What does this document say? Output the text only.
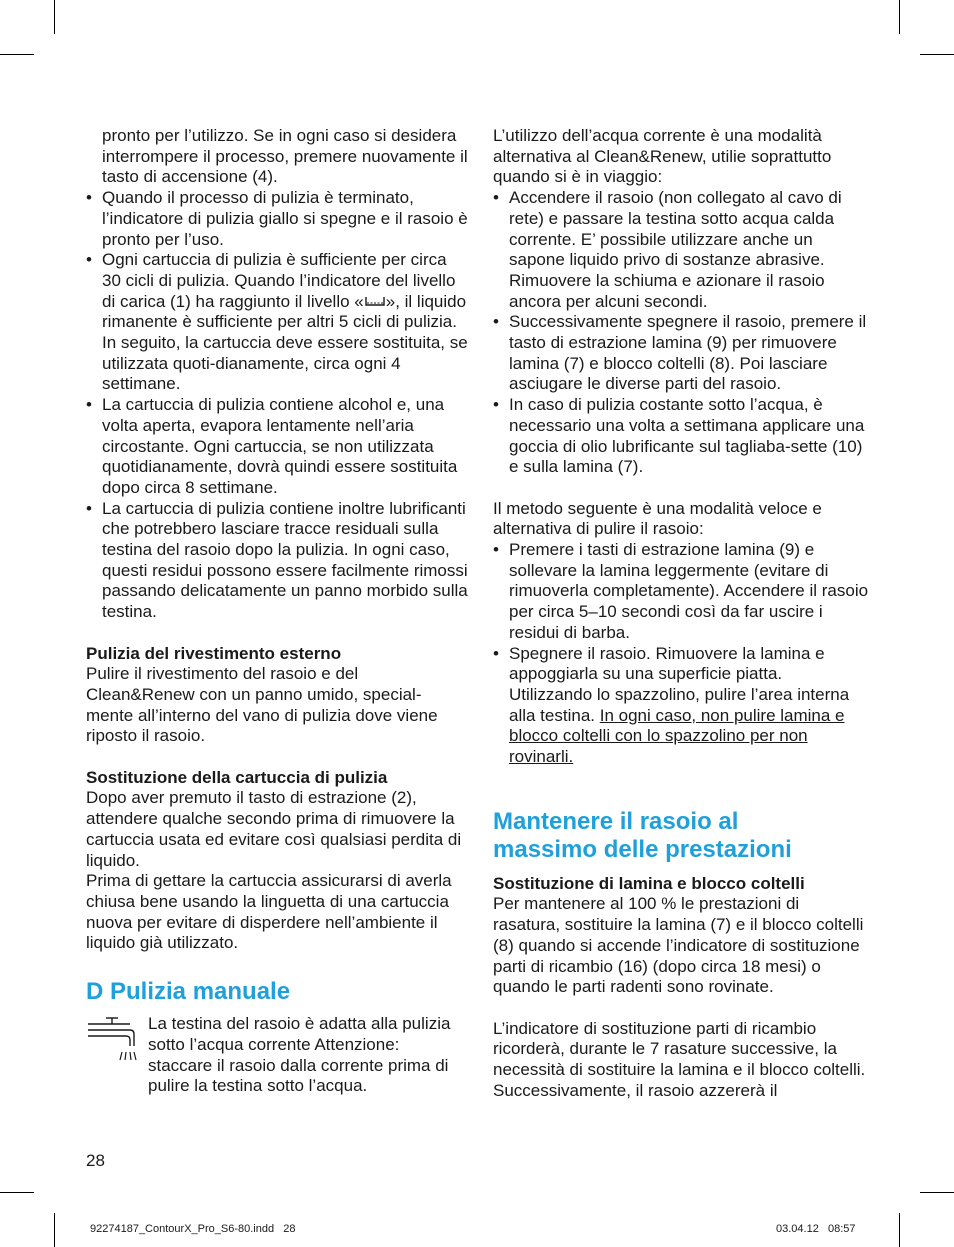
pronto per l’utilizzo. Se in ogni caso si desidera interrompere il processo, premere nuovamente il tasto di accensione (4).

• Quando il processo di pulizia è terminato, l’indicatore di pulizia giallo si spegne e il rasoio è pronto per l’uso.
• Ogni cartuccia di pulizia è sufficiente per circa 30 cicli di pulizia. Quando l’indicatore del livello di carica (1) ha raggiunto il livello « », il liquido rimanente è sufficiente per altri 5 cicli di pulizia. In seguito, la cartuccia deve essere sostituita, se utilizzata quoti-dianamente, circa ogni 4 settimane.
• La cartuccia di pulizia contiene alcohol e, una volta aperta, evapora lentamente nell’aria circostante. Ogni cartuccia, se non utilizzata quotidianamente, dovrà quindi essere sostituita dopo circa 8 settimane.
• La cartuccia di pulizia contiene inoltre lubrificanti che potrebbero lasciare tracce residuali sulla testina del rasoio dopo la pulizia. In ogni caso, questi residui possono essere facilmente rimossi passando delicatamente un panno morbido sulla testina.

Pulizia del rivestimento esterno

Pulire il rivestimento del rasoio e del Clean&Renew con un panno umido, special-mente all’interno del vano di pulizia dove viene riposto il rasoio.

Sostituzione della cartuccia di pulizia

Dopo aver premuto il tasto di estrazione (2), attendere qualche secondo prima di rimuovere la cartuccia usata ed evitare così qualsiasi perdita di liquido.

Prima di gettare la cartuccia assicurarsi di averla chiusa bene usando la linguetta di una cartuccia nuova per evitare di disperdere nell’ambiente il liquido già utilizzato.

D Pulizia manuale

La testina del rasoio è adatta alla pulizia sotto l’acqua corrente Attenzione: staccare il rasoio dalla corrente prima di pulire la testina sotto l’acqua.

L’utilizzo dell’acqua corrente è una modalità alternativa al Clean&Renew, utilie soprattutto quando si è in viaggio:

• Accendere il rasoio (non collegato al cavo di rete) e passare la testina sotto acqua calda corrente. E’ possibile utilizzare anche un sapone liquido privo di sostanze abrasive. Rimuovere la schiuma e azionare il rasoio ancora per alcuni secondi.
• Successivamente spegnere il rasoio, premere il tasto di estrazione lamina (9) per rimuovere lamina (7) e blocco coltelli (8). Poi lasciare asciugare le diverse parti del rasoio.
• In caso di pulizia costante sotto l’acqua, è necessario una volta a settimana applicare una goccia di olio lubrificante sul tagliaba-sette (10) e sulla lamina (7).

Il metodo seguente è una modalità veloce e alternativa di pulire il rasoio:

• Premere i tasti di estrazione lamina (9) e sollevare la lamina leggermente (evitare di rimuoverla completamente). Accendere il rasoio per circa 5–10 secondi così da far uscire i residui di barba.
• Spegnere il rasoio. Rimuovere la lamina e appoggiarla su una superficie piatta. Utilizzando lo spazzolino, pulire l’area interna alla testina. In ogni caso, non pulire lamina e blocco coltelli con lo spazzolino per non rovinarli.

Mantenere il rasoio al
massimo delle prestazioni

Sostituzione di lamina e blocco coltelli

Per mantenere al 100 % le prestazioni di rasatura, sostituire la lamina (7) e il blocco coltelli (8) quando si accende l’indicatore di sostituzione parti di ricambio (16) (dopo circa 18 mesi) o quando le parti radenti sono rovinate.

L’indicatore di sostituzione parti di ricambio ricorderà, durante le 7 rasature successive, la necessità di sostituire la lamina e il blocco coltelli. Successivamente, il rasoio azzererà il

28
92274187_ContourX_Pro_S6-80.indd   28	03.04.12   08:57
